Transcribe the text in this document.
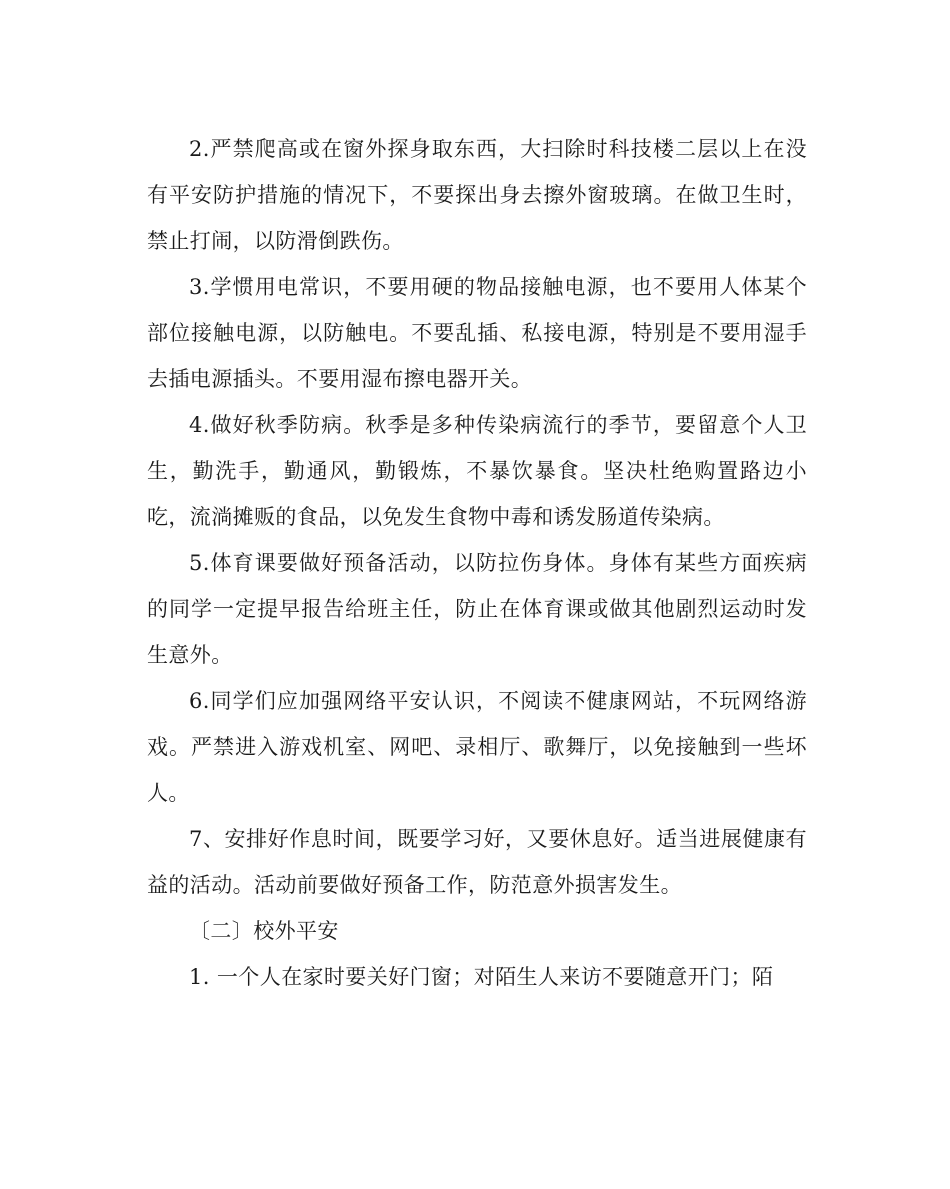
2.严禁爬高或在窗外探身取东西，大扫除时科技楼二层以上在没有平安防护措施的情况下，不要探出身去擦外窗玻璃。在做卫生时，禁止打闹，以防滑倒跌伤。

3.学惯用电常识，不要用硬的物品接触电源，也不要用人体某个部位接触电源，以防触电。不要乱插、私接电源，特别是不要用湿手去插电源插头。不要用湿布擦电器开关。

4.做好秋季防病。秋季是多种传染病流行的季节，要留意个人卫生，勤洗手，勤通风，勤锻炼，不暴饮暴食。坚决杜绝购置路边小吃，流淌摊贩的食品，以免发生食物中毒和诱发肠道传染病。

5.体育课要做好预备活动，以防拉伤身体。身体有某些方面疾病的同学一定提早报告给班主任，防止在体育课或做其他剧烈运动时发生意外。

6.同学们应加强网络平安认识，不阅读不健康网站，不玩网络游戏。严禁进入游戏机室、网吧、录相厅、歌舞厅，以免接触到一些坏人。

7、安排好作息时间，既要学习好，又要休息好。适当进展健康有益的活动。活动前要做好预备工作，防范意外损害发生。

〔二〕校外平安

1. 一个人在家时要关好门窗；对陌生人来访不要随意开门；陌
